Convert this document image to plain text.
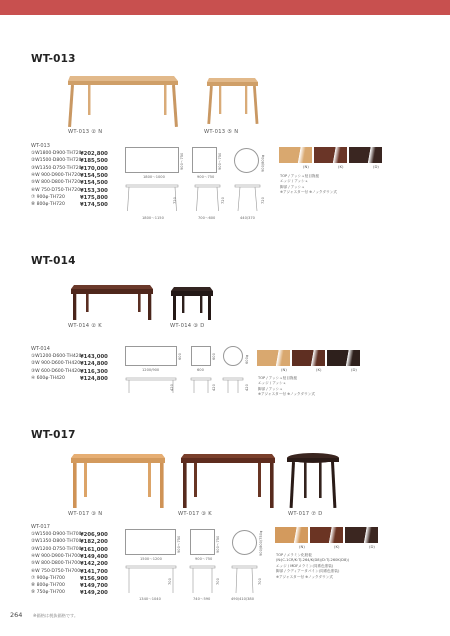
WT-013
WT-013 ② N	WT-013 ⑤ N
WT-013
①W1800·D900·TH720
¥202,800
②W1500·D800·TH720
¥185,500
③W1350·D750·TH720
¥170,000
④W 900·D900·TH720 ¥154,500
⑤W 800·D800·TH720 ¥154,500
⑥W 750·D750·TH720 ¥153,300
⑦ 900φ·TH720	¥175,800
⑧ 800φ·TH720	¥174,500
1800〜1000
900〜750
900〜750
900〜750	900/800φ
1800〜1150
720
700〜600
720
440/370
720
(N)	(K)	(D)
TOP / アッシュ柾目挽板
エッジ / アッシュ
脚部 / アッシュ
※アジャスター付 ※ノックダウン式
WT-014
WT-014 ② K	WT-014 ③ D
WT-014
①W1200·D600·TH420
¥143,000
②W 900·D600·TH420 ¥124,800
③W 600·D600·TH420 ¥116,300
④ 600φ·TH420	¥124,800
1200/900
600
600
600	600φ
420	420	420
(N)	(K)	(D)
TOP / アッシュ柾目挽板
エッジ / アッシュ
脚部 / アッシュ
※アジャスター付 ※ノックダウン式
WT-017
WT-017 ③ N	WT-017 ③ K	WT-017 ⑦ D
WT-017
①W1500·D900·TH700
¥206,900
②W1350·D800·TH700
¥182,200
③W1200·D750·TH700
¥161,000
④W 900·D900·TH700 ¥149,400
⑤W 800·D800·TH700 ¥142,200
⑥W 750·D750·TH700 ¥141,700
⑦ 900φ·TH700	¥156,900
⑧ 800φ·TH700	¥149,700
⑨ 750φ·TH700	¥149,200
1500〜1200
900〜750
900〜750
900〜750	900/800/750φ
1340〜1040
700
740〜590
700
490/410/380
700
(N)	(K)	(D)
TOP / メラミン化粧板
(N:JC-1CR/K:TJ-264/K(D8)/D:TJ-260K(D8))
エッジ / MDFメラミン(同系色塗装)
脚部 / ラディアータパイン(同系色塗装)
※アジャスター付 ※ノックダウン式
264	※価格は税抜価格です。
